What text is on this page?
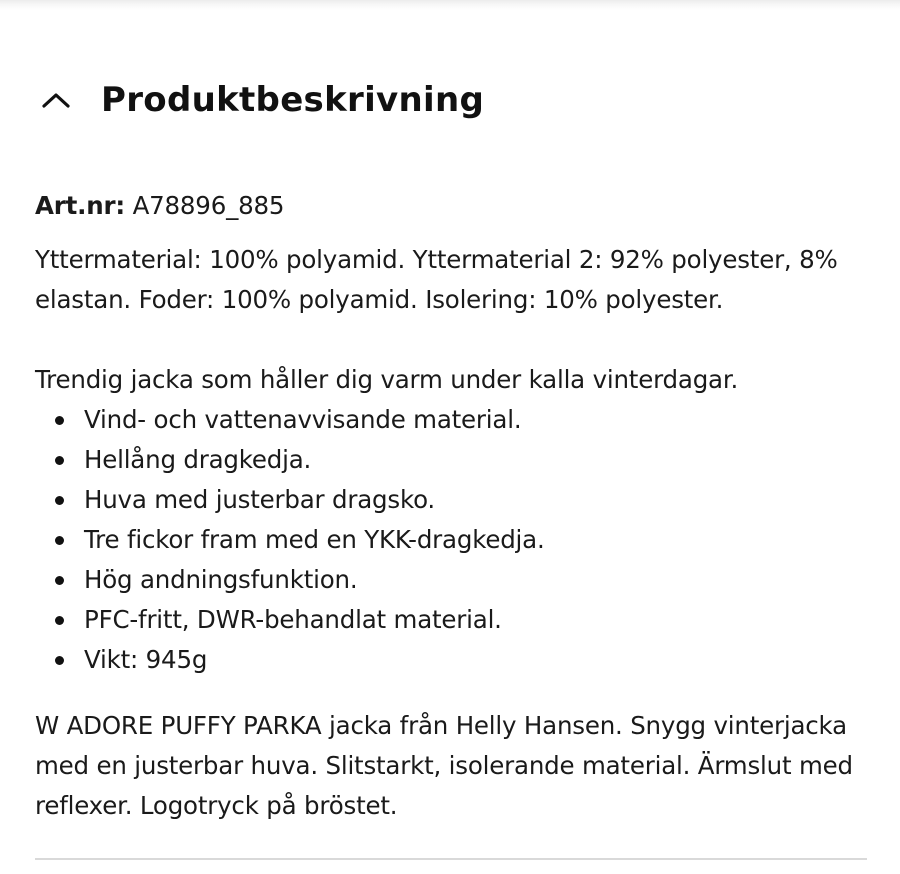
Produktbeskrivning

Art.nr: A78896_885

Yttermaterial: 100% polyamid. Yttermaterial 2: 92% polyester, 8% elastan. Foder: 100% polyamid. Isolering: 10% polyester.

Trendig jacka som håller dig varm under kalla vinterdagar.

Vind- och vattenavvisande material.
Hellång dragkedja.
Huva med justerbar dragsko.
Tre fickor fram med en YKK-dragkedja.
Hög andningsfunktion.
PFC-fritt, DWR-behandlat material.
Vikt: 945g

W ADORE PUFFY PARKA jacka från Helly Hansen. Snygg vinterjacka med en justerbar huva. Slitstarkt, isolerande material. Ärmslut med reflexer. Logotryck på bröstet.
